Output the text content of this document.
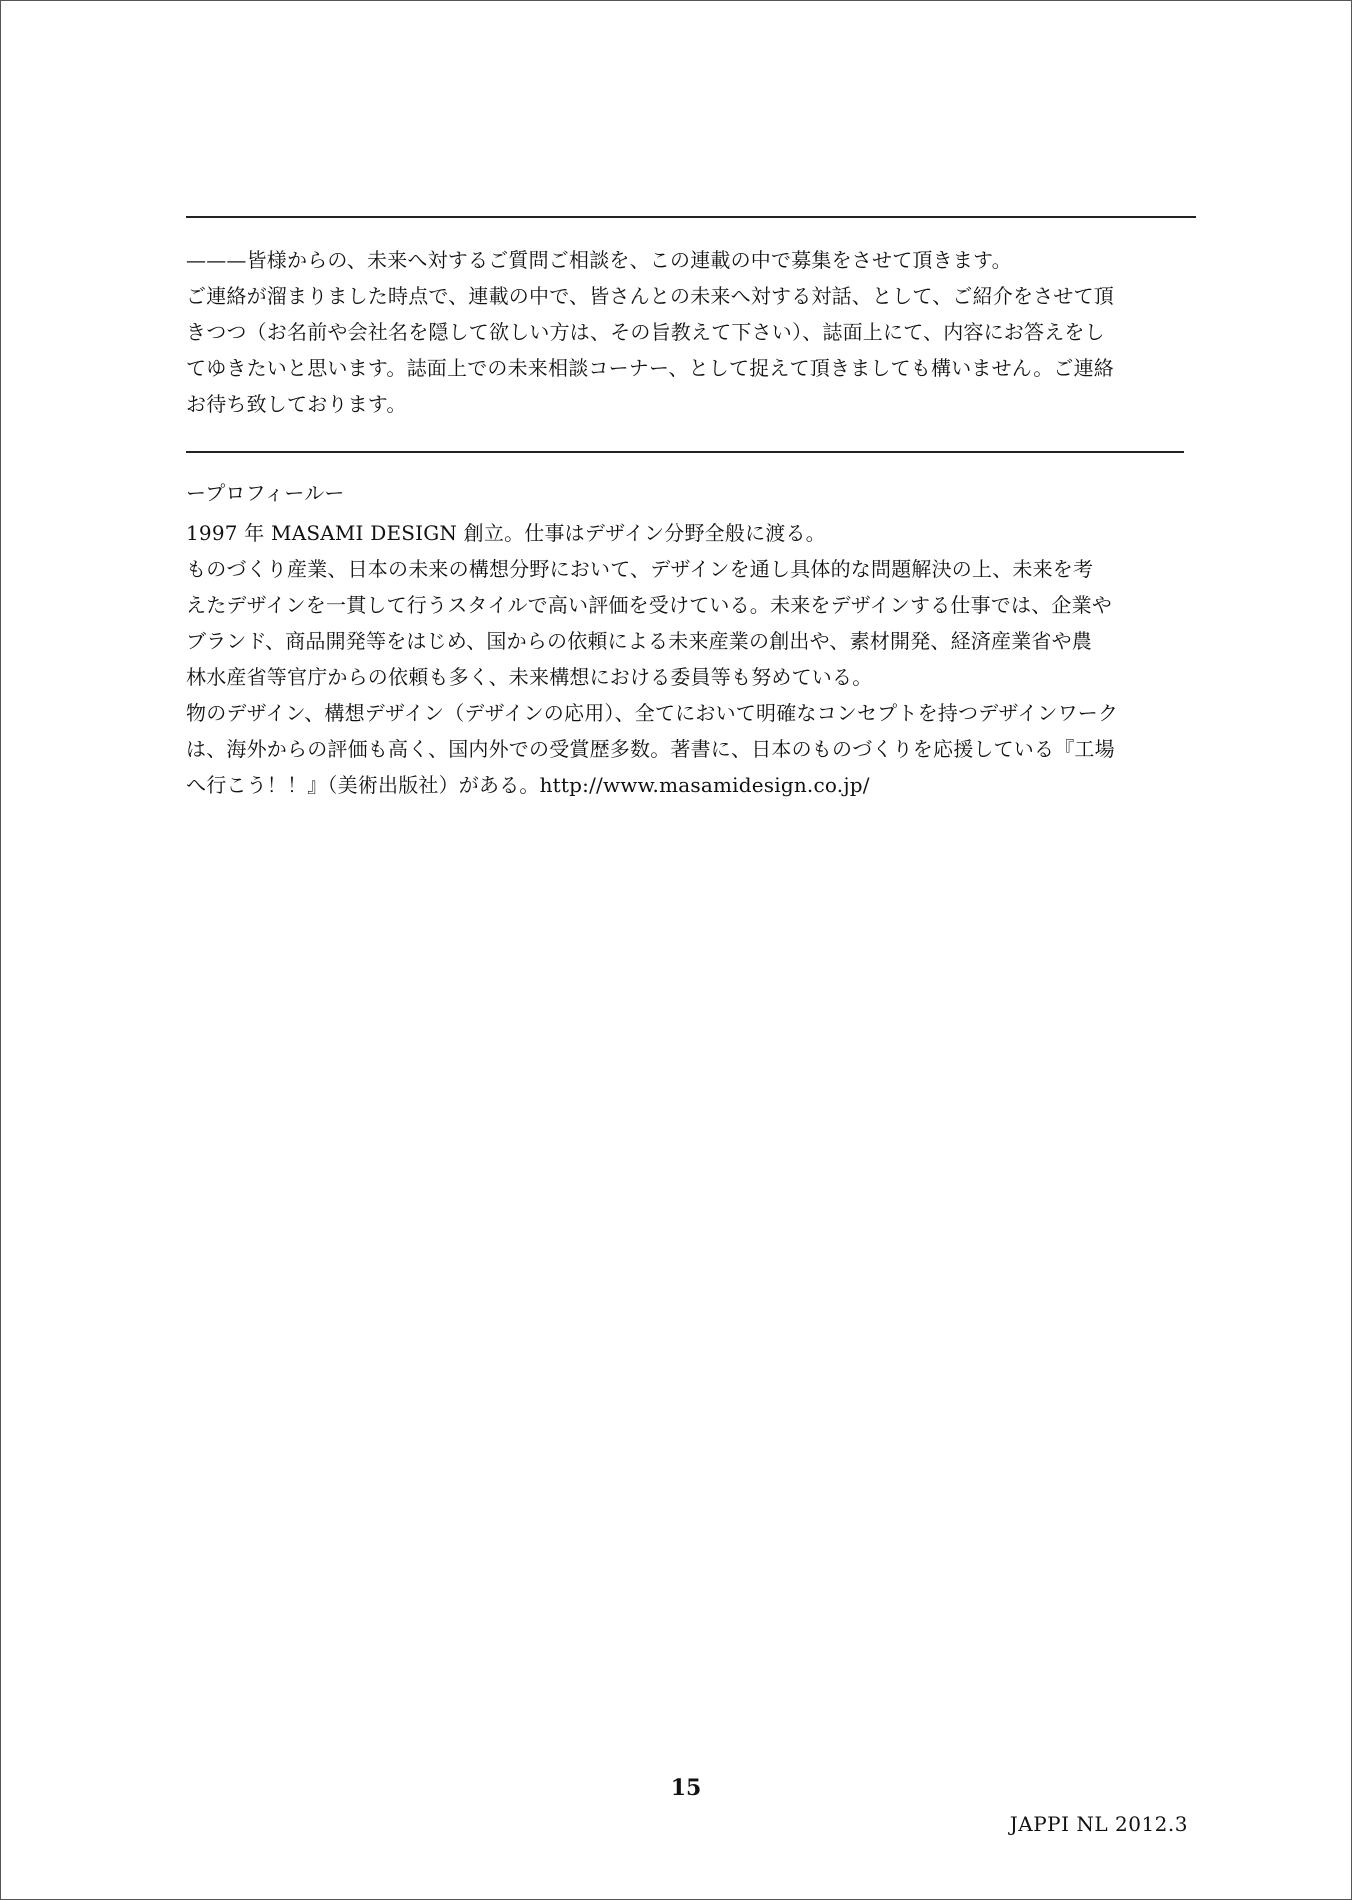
———皆様からの、未来へ対するご質問ご相談を、この連載の中で募集をさせて頂きます。

ご連絡が溜まりました時点で、連載の中で、皆さんとの未来へ対する対話、として、ご紹介をさせて頂

きつつ（お名前や会社名を隠して欲しい方は、その旨教えて下さい）、誌面上にて、内容にお答えをし

てゆきたいと思います。誌面上での未来相談コーナー、として捉えて頂きましても構いません。ご連絡

お待ち致しております。

ープロフィールー

1997 年 MASAMI DESIGN 創立。仕事はデザイン分野全般に渡る。

ものづくり産業、日本の未来の構想分野において、デザインを通し具体的な問題解決の上、未来を考

えたデザインを一貫して行うスタイルで高い評価を受けている。未来をデザインする仕事では、企業や

ブランド、商品開発等をはじめ、国からの依頼による未来産業の創出や、素材開発、経済産業省や農

林水産省等官庁からの依頼も多く、未来構想における委員等も努めている。

物のデザイン、構想デザイン（デザインの応用）、全てにおいて明確なコンセプトを持つデザインワーク

は、海外からの評価も高く、国内外での受賞歴多数。著書に、日本のものづくりを応援している『工場

へ行こう！！』（美術出版社）がある。http://www.masamidesign.co.jp/

15
JAPPI NL 2012.3
